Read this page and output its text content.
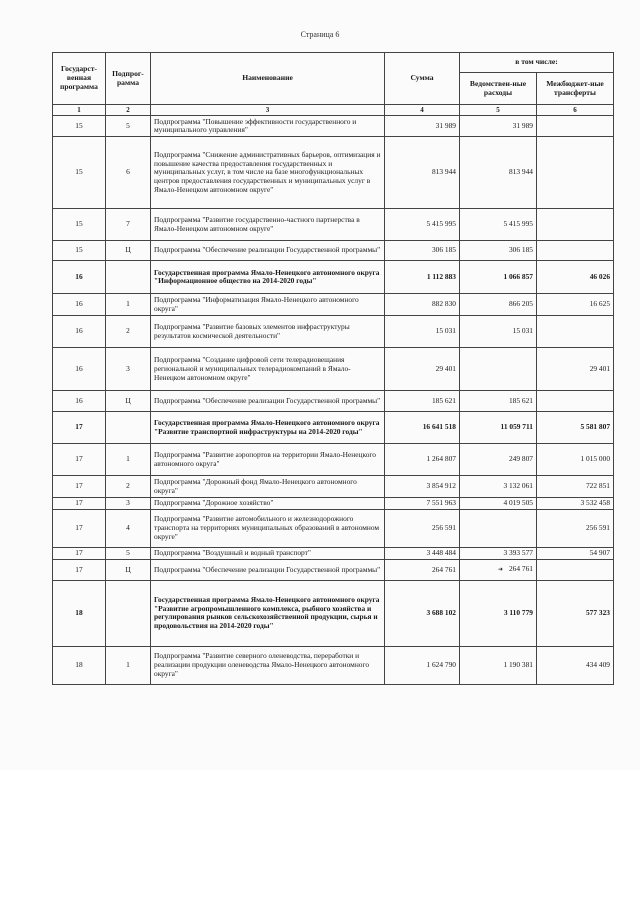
Страница 6
Государст-венная программа	Подпрог-рамма	Наименование	Сумма	в том числе:	
				Ведомствен-ные расходы	Межбюджет-ные трансферты
1	2	3	4	5	6
15	5	Подпрограмма "Повышение эффективности государственного и муниципального управления"	31 989	31 989	
15	6	Подпрограмма "Снижение административных барьеров, оптимизация и повышение качества предоставления государственных и муниципальных услуг, в том числе на базе многофункциональных центров предоставления государственных и муниципальных услуг в Ямало-Ненецком автономном округе"	813 944	813 944	
15	7	Подпрограмма "Развитие государственно-частного партнерства в Ямало-Ненецком автономном округе"	5 415 995	5 415 995	
15	Ц	Подпрограмма "Обеспечение реализации Государственной программы"	306 185	306 185	
16		Государственная программа Ямало-Ненецкого автономного округа "Информационное общество на 2014-2020 годы"	1 112 883	1 066 857	46 026
16	1	Подпрограмма "Информатизация Ямало-Ненецкого автономного округа"	882 830	866 205	16 625
16	2	Подпрограмма "Развитие базовых элементов инфраструктуры результатов космической деятельности"	15 031	15 031	
16	3	Подпрограмма "Создание цифровой сети телерадиовещания региональной и муниципальных телерадиокомпаний в Ямало-Ненецком автономном округе"	29 401		29 401
16	Ц	Подпрограмма "Обеспечение реализации Государственной программы"	185 621	185 621	
17		Государственная программа Ямало-Ненецкого автономного округа "Развитие транспортной инфраструктуры на 2014-2020 годы"	16 641 518	11 059 711	5 581 807
17	1	Подпрограмма "Развитие аэропортов на территории Ямало-Ненецкого автономного округа"	1 264 807	249 807	1 015 000
17	2	Подпрограмма "Дорожный фонд Ямало-Ненецкого автономного округа"	3 854 912	3 132 061	722 851
17	3	Подпрограмма "Дорожное хозяйство"	7 551 963	4 019 505	3 532 458
17	4	Подпрограмма "Развитие автомобильного и железнодорожного транспорта на территориях муниципальных образований в автономном округе"	256 591		256 591
17	5	Подпрограмма "Воздушный и водный транспорт"	3 448 484	3 393 577	54 907
17	Ц	Подпрограмма "Обеспечение реализации Государственной программы"	264 761	➜ 264 761	
18		Государственная программа Ямало-Ненецкого автономного округа "Развитие агропромышленного комплекса, рыбного хозяйства и регулирования рынков сельскохозяйственной продукции, сырья и продовольствия на 2014-2020 годы"	3 688 102	3 110 779	577 323
18	1	Подпрограмма "Развитие северного оленеводства, переработки и реализации продукции оленеводства Ямало-Ненецкого автономного округа"	1 624 790	1 190 381	434 409
